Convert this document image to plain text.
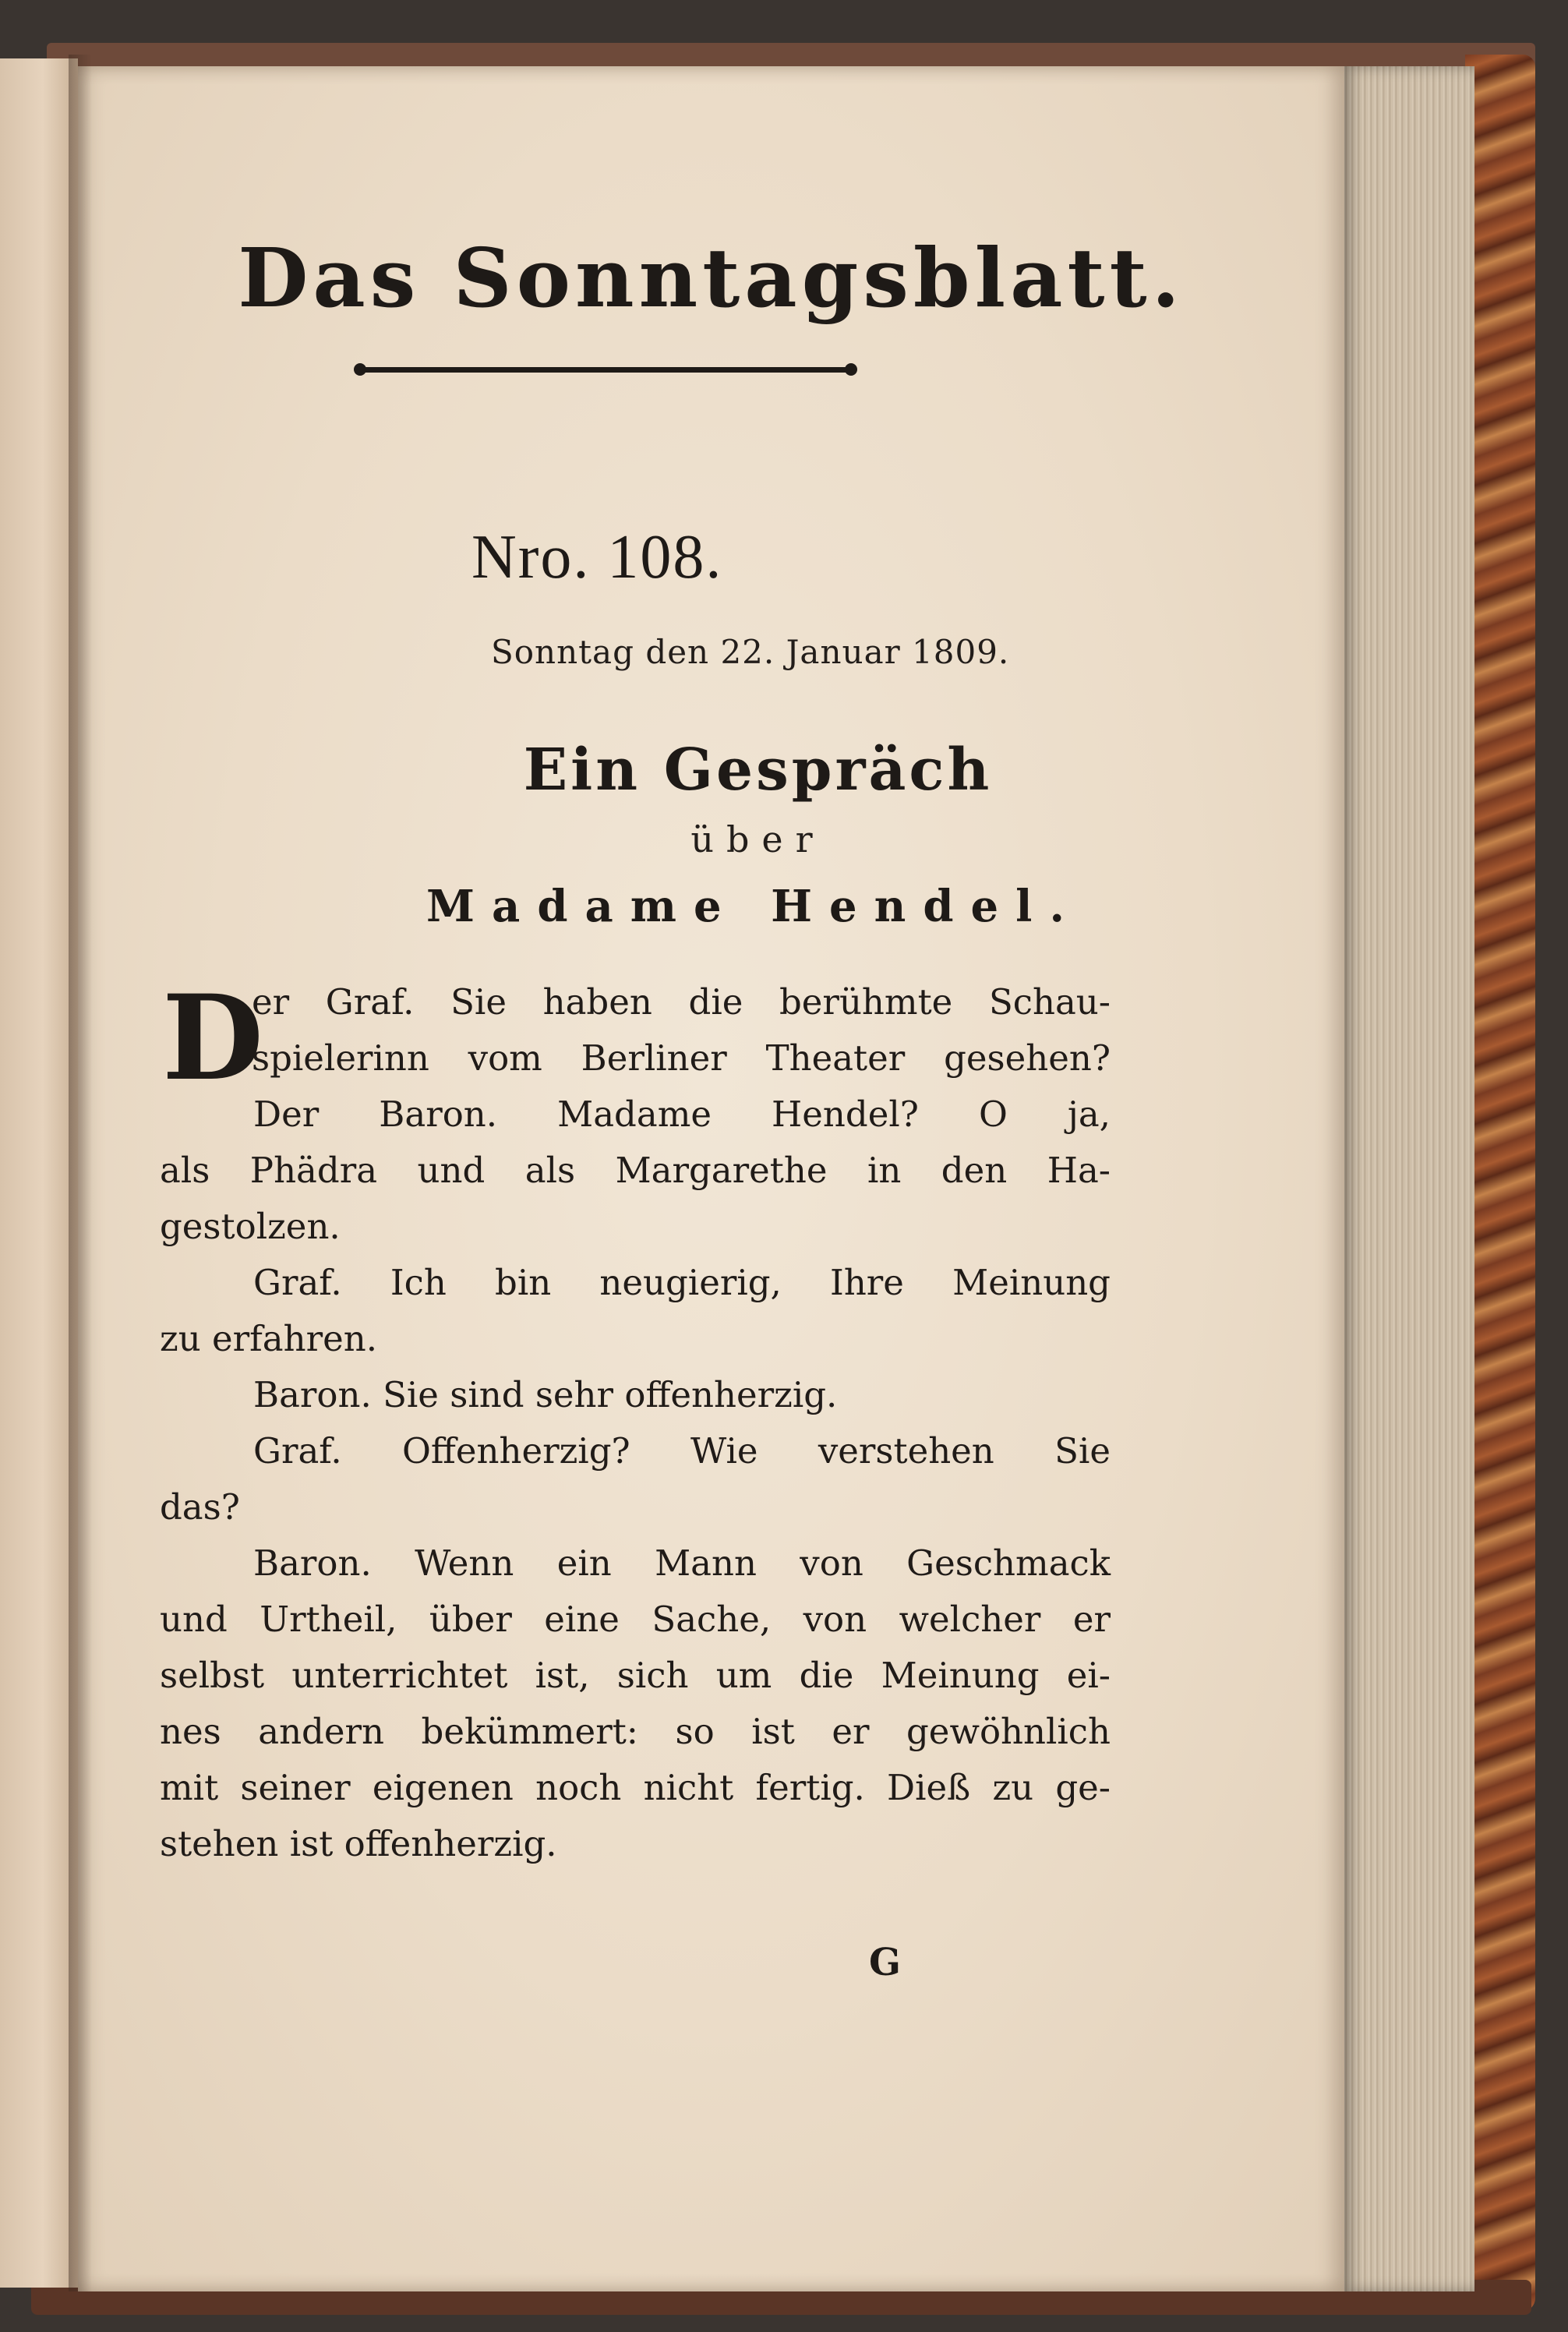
Das Sonntagsblatt.
Nro. 108.
Sonntag den 22. Januar 1809.
Ein Gespräch
über
Madame Hendel.
D
er Graf. Sie haben die berühmte Schau-
spielerinn vom Berliner Theater gesehen?
Der Baron. Madame Hendel? O ja,
als Phädra und als Margarethe in den Ha-
gestolzen.
Graf. Ich bin neugierig, Ihre Meinung
zu erfahren.
Baron. Sie sind sehr offenherzig.
Graf. Offenherzig? Wie verstehen Sie
das?
Baron. Wenn ein Mann von Geschmack
und Urtheil, über eine Sache, von welcher er
selbst unterrichtet ist, sich um die Meinung ei-
nes andern bekümmert: so ist er gewöhnlich
mit seiner eigenen noch nicht fertig. Dieß zu ge-
stehen ist offenherzig.
G
